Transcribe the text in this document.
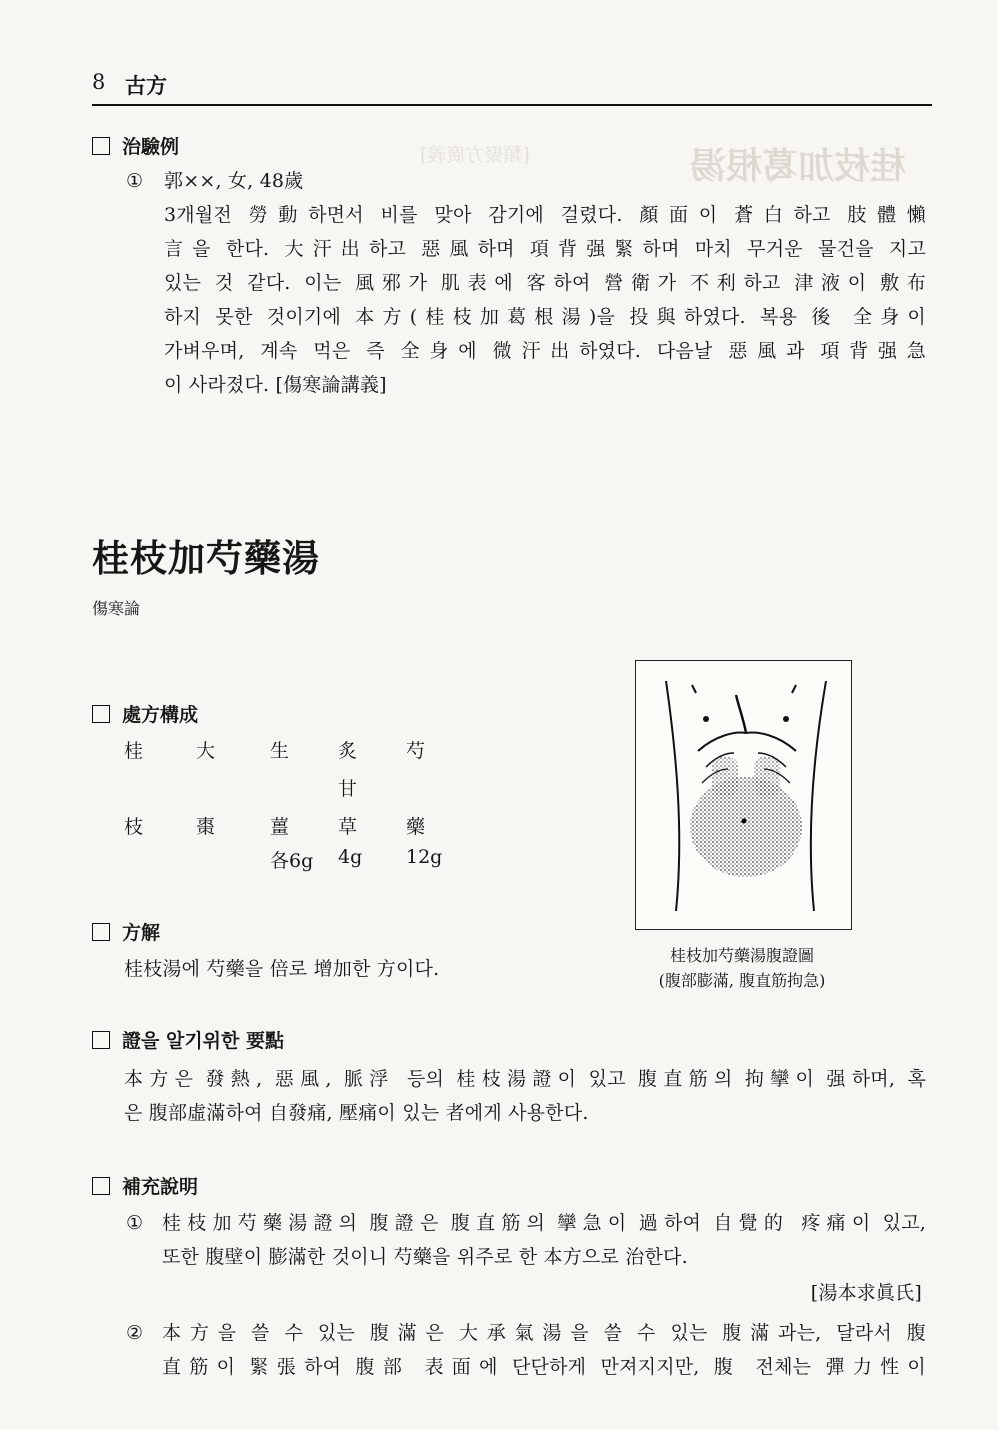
桂枝加葛根湯
[類聚方廣義]
8 古方
治驗例
① 郭××, 女, 48歲
3개월전 勞動하면서 비를 맞아 감기에 걸렸다. 顏面이 蒼白하고 肢體懶
言을 한다. 大汗出하고 惡風하며 項背强緊하며 마치 무거운 물건을 지고
있는 것 같다. 이는 風邪가 肌表에 客하여 營衛가 不利하고 津液이 敷布
하지 못한 것이기에 本方(桂枝加葛根湯)을 投與하였다. 복용 後 全身이
가벼우며, 계속 먹은 즉 全身에 微汗出하였다. 다음날 惡風과 項背强急
이 사라졌다. [傷寒論講義]
桂枝加芍藥湯
傷寒論
處方構成
桂
枝
大
棗
生
薑
各6g
炙
甘
草
4g
芍
藥
12g
桂枝加芍藥湯腹證圖
(腹部膨滿, 腹直筋拘急)
方解
桂枝湯에 芍藥을 倍로 增加한 方이다.
證을 알기위한 要點
本方은 發熱, 惡風, 脈浮 등의 桂枝湯證이 있고 腹直筋의 拘攣이 强하며, 혹
은 腹部虛滿하여 自發痛, 壓痛이 있는 者에게 사용한다.
補充說明
① 桂枝加芍藥湯證의 腹證은 腹直筋의 攣急이 過하여 自覺的 疼痛이 있고,
또한 腹壁이 膨滿한 것이니 芍藥을 위주로 한 本方으로 治한다.
[湯本求眞氏]
② 本方을 쓸 수 있는 腹滿은 大承氣湯을 쓸 수 있는 腹滿과는, 달라서 腹
直筋이 緊張하여 腹部 表面에 단단하게 만져지지만, 腹 전체는 彈力性이
